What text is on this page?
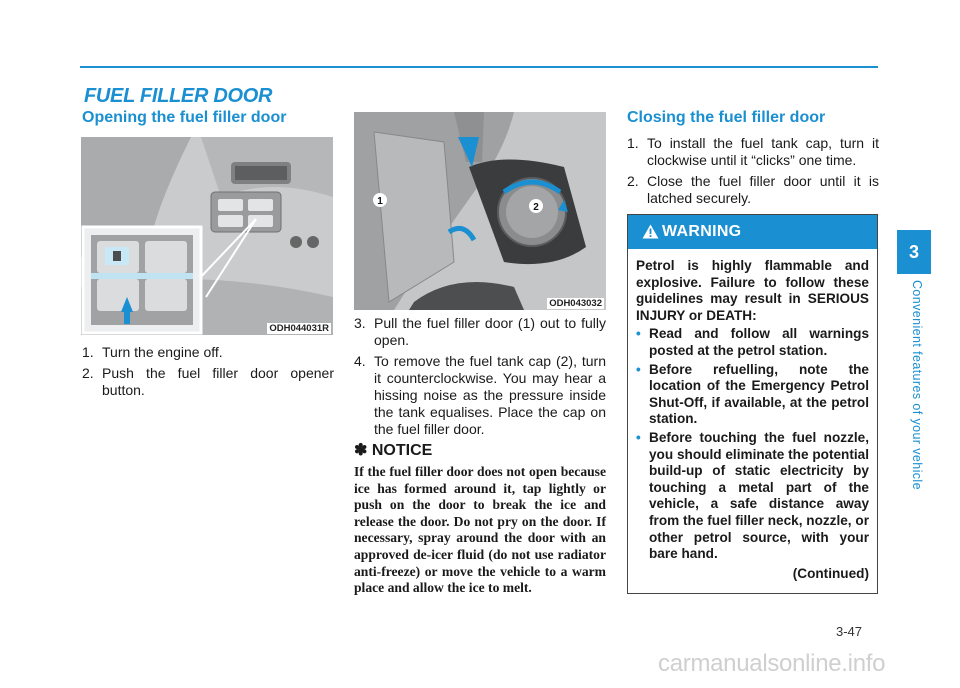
FUEL FILLER DOOR
Opening the fuel filler door
ODH044031R
1. Turn the engine off.
2. Push the fuel filler door opener button.
1
2
ODH043032
3. Pull the fuel filler door (1) out to fully open.
4. To remove the fuel tank cap (2), turn it counterclockwise. You may hear a hissing noise as the pressure inside the tank equalises. Place the cap on the fuel filler door.
✽ NOTICE
If the fuel filler door does not open because ice has formed around it, tap lightly or push on the door to break the ice and release the door. Do not pry on the door. If necessary, spray around the door with an approved de-icer fluid (do not use radiator anti-freeze) or move the vehicle to a warm place and allow the ice to melt.
Closing the fuel filler door
1. To install the fuel tank cap, turn it clockwise until it “clicks” one time.
2. Close the fuel filler door until it is latched securely.
WARNING
Petrol is highly flammable and explosive. Failure to follow these guidelines may result in SERIOUS INJURY or DEATH:
• Read and follow all warnings posted at the petrol station.
• Before refuelling, note the location of the Emergency Petrol Shut-Off, if available, at the petrol station.
• Before touching the fuel nozzle, you should eliminate the potential build-up of static electricity by touching a metal part of the vehicle, a safe distance away from the fuel filler neck, nozzle, or other petrol source, with your bare hand.
(Continued)
3
Convenient features of your vehicle
3-47
carmanualsonline.info
